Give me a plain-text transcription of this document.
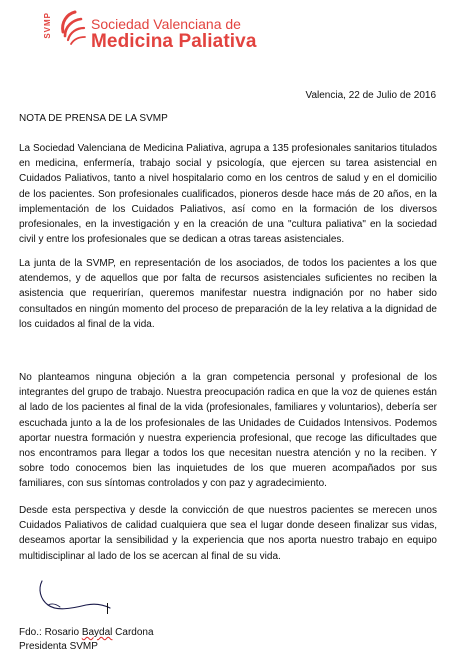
SVMP	Sociedad Valenciana de
Medicina Paliativa
Valencia, 22 de Julio de 2016
NOTA DE PRENSA DE LA SVMP

La Sociedad Valenciana de Medicina Paliativa, agrupa a 135 profesionales sanitarios titulados en medicina, enfermería, trabajo social y psicología, que ejercen su tarea asistencial en Cuidados Paliativos, tanto a nivel hospitalario como en los centros de salud y en el domicilio de los pacientes. Son profesionales cualificados, pioneros desde hace más de 20 años, en la implementación de los Cuidados Paliativos, así como en la formación de los diversos profesionales, en la investigación y en la creación de una "cultura paliativa" en la sociedad civil y entre los profesionales que se dedican a otras tareas asistenciales.

La junta de la SVMP, en representación de los asociados, de todos los pacientes a los que atendemos, y de aquellos que por falta de recursos asistenciales suficientes no reciben la asistencia que requerirían, queremos manifestar nuestra indignación por no haber sido consultados en ningún momento del proceso de preparación de la ley relativa a la dignidad de los cuidados al final de la vida.

No planteamos ninguna objeción a la gran competencia personal y profesional de los integrantes del grupo de trabajo. Nuestra preocupación radica en que la voz de quienes están al lado de los pacientes al final de la vida (profesionales, familiares y voluntarios), debería ser escuchada junto a la de los profesionales de las Unidades de Cuidados Intensivos. Podemos aportar nuestra formación y nuestra experiencia profesional, que recoge las dificultades que nos encontramos para llegar a todos los que necesitan nuestra atención y no la reciben. Y sobre todo conocemos bien las inquietudes de los que mueren acompañados por sus familiares, con sus síntomas controlados y con paz y agradecimiento.

Desde esta perspectiva y desde la convicción de que nuestros pacientes se merecen unos Cuidados Paliativos de calidad cualquiera que sea el lugar donde deseen finalizar sus vidas, deseamos aportar la sensibilidad y la experiencia que nos aporta nuestro trabajo en equipo multidisciplinar al lado de los se acercan al final de su vida.

Fdo.: Rosario Baydal Cardona
Presidenta SVMP
